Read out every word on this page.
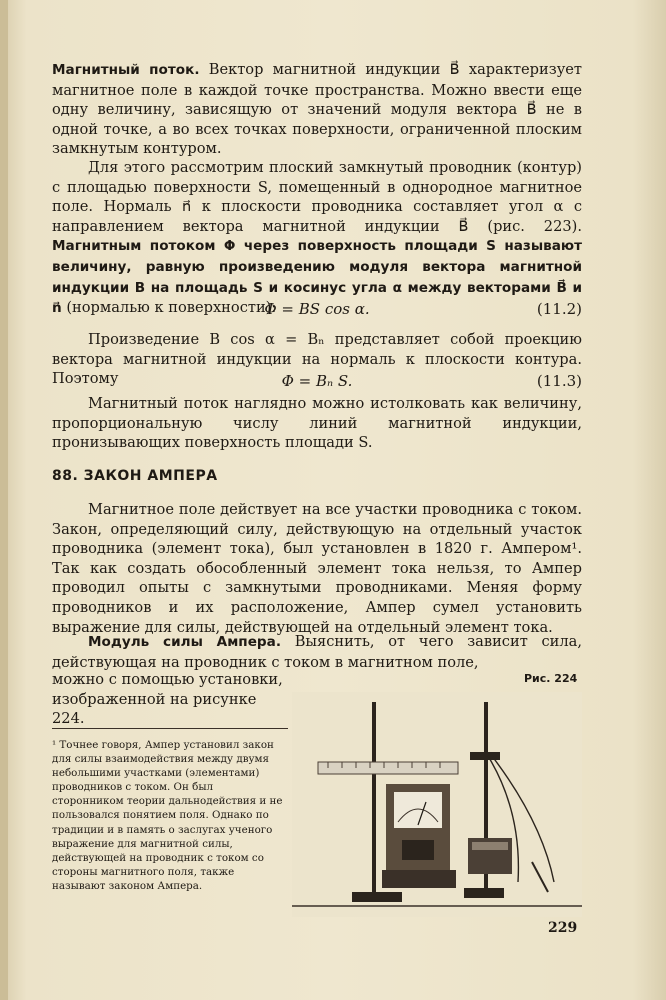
Магнитный поток. Вектор магнитной индукции B⃗ характеризует магнитное поле в каждой точке пространства. Можно ввести еще одну величину, зависящую от значений модуля вектора B⃗ не в одной точке, а во всех точках поверхности, ограниченной плоским замкнутым контуром.

Для этого рассмотрим плоский замкнутый проводник (контур) с площадью поверхности S, помещенный в однородное магнитное поле. Нормаль n⃗ к плоскости проводника составляет угол α с направлением вектора магнитной индукции B⃗ (рис. 223). Магнитным потоком Φ через поверхность площади S называют величину, равную произведению модуля вектора магнитной индукции B на площадь S и косинус угла α между векторами B⃗ и n⃗ (нормалью к поверхности):

Φ = BS cos α.	(11.2)

Произведение B cos α = Bₙ представляет собой проекцию вектора магнитной индукции на нормаль к плоскости контура. Поэтому	Φ = Bₙ S.	(11.3)

Магнитный поток наглядно можно истолковать как величину, пропорциональную числу линий магнитной индукции, пронизывающих поверхность площади S.

88. ЗАКОН АМПЕРА

Магнитное поле действует на все участки проводника с током. Закон, определяющий силу, действующую на отдельный участок проводника (элемент тока), был установлен в 1820 г. Ампером¹. Так как создать обособленный элемент тока нельзя, то Ампер проводил опыты с замкнутыми проводниками. Меняя форму проводников и их расположение, Ампер сумел установить выражение для силы, действующей на отдельный элемент тока.

Модуль силы Ампера. Выяснить, от чего зависит сила, действующая на проводник с током в магнитном поле,

можно с помощью установки, изображенной на рисунке 224.

Рис. 224

¹ Точнее говоря, Ампер установил закон для силы взаимодействия между двумя небольшими участками (элементами) проводников с током. Он был сторонником теории дальнодействия и не пользовался понятием поля. Однако по традиции и в память о заслугах ученого выражение для магнитной силы, действующей на проводник с током со стороны магнитного поля, также называют законом Ампера.

229
